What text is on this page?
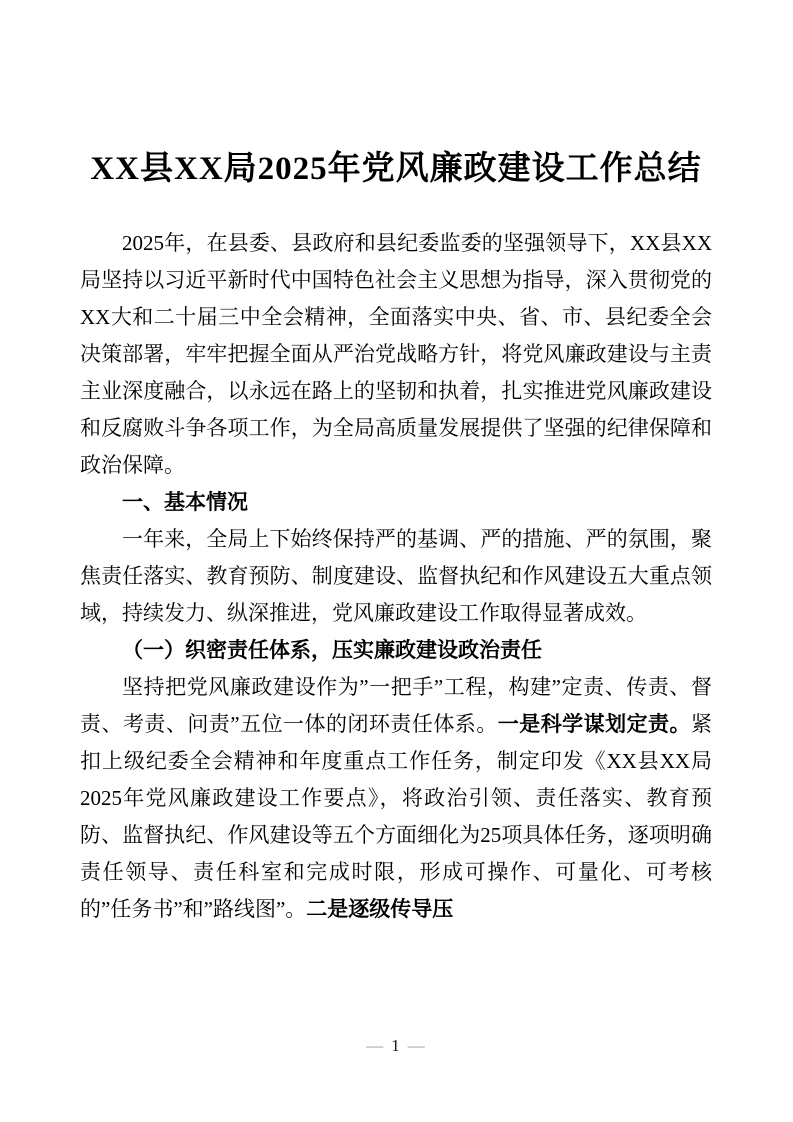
XX县XX局2025年党风廉政建设工作总结

2025年，在县委、县政府和县纪委监委的坚强领导下，XX县XX局坚持以习近平新时代中国特色社会主义思想为指导，深入贯彻党的XX大和二十届三中全会精神，全面落实中央、省、市、县纪委全会决策部署，牢牢把握全面从严治党战略方针，将党风廉政建设与主责主业深度融合，以永远在路上的坚韧和执着，扎实推进党风廉政建设和反腐败斗争各项工作，为全局高质量发展提供了坚强的纪律保障和政治保障。

一、基本情况

一年来，全局上下始终保持严的基调、严的措施、严的氛围，聚焦责任落实、教育预防、制度建设、监督执纪和作风建设五大重点领域，持续发力、纵深推进，党风廉政建设工作取得显著成效。

（一）织密责任体系，压实廉政建设政治责任

坚持把党风廉政建设作为”一把手”工程，构建”定责、传责、督责、考责、问责”五位一体的闭环责任体系。一是科学谋划定责。紧扣上级纪委全会精神和年度重点工作任务，制定印发《XX县XX局2025年党风廉政建设工作要点》，将政治引领、责任落实、教育预防、监督执纪、作风建设等五个方面细化为25项具体任务，逐项明确责任领导、责任科室和完成时限，形成可操作、可量化、可考核的”任务书”和”路线图”。二是逐级传导压

— 1 —
